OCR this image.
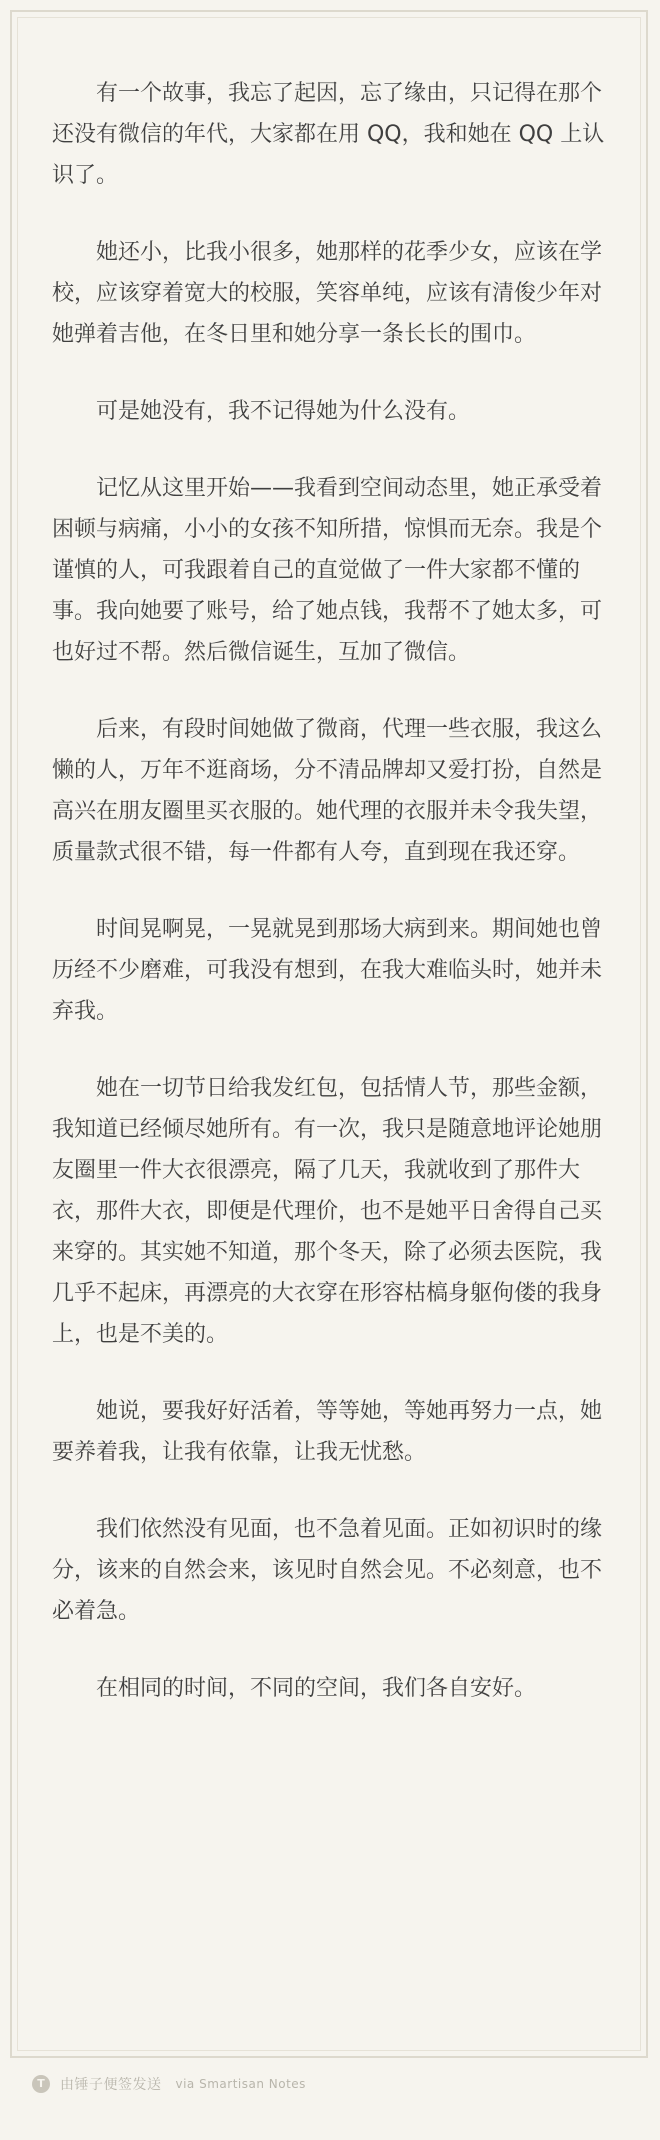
有一个故事，我忘了起因，忘了缘由，只记得在那个还没有微信的年代，大家都在用 QQ，我和她在 QQ 上认识了。

她还小，比我小很多，她那样的花季少女，应该在学校，应该穿着宽大的校服，笑容单纯，应该有清俊少年对她弹着吉他，在冬日里和她分享一条长长的围巾。

可是她没有，我不记得她为什么没有。

记忆从这里开始——我看到空间动态里，她正承受着困顿与病痛，小小的女孩不知所措，惊惧而无奈。我是个谨慎的人，可我跟着自己的直觉做了一件大家都不懂的事。我向她要了账号，给了她点钱，我帮不了她太多，可也好过不帮。然后微信诞生，互加了微信。

后来，有段时间她做了微商，代理一些衣服，我这么懒的人，万年不逛商场，分不清品牌却又爱打扮，自然是高兴在朋友圈里买衣服的。她代理的衣服并未令我失望，质量款式很不错，每一件都有人夸，直到现在我还穿。

时间晃啊晃，一晃就晃到那场大病到来。期间她也曾历经不少磨难，可我没有想到，在我大难临头时，她并未弃我。

她在一切节日给我发红包，包括情人节，那些金额，我知道已经倾尽她所有。有一次，我只是随意地评论她朋友圈里一件大衣很漂亮，隔了几天，我就收到了那件大衣，那件大衣，即便是代理价，也不是她平日舍得自己买来穿的。其实她不知道，那个冬天，除了必须去医院，我几乎不起床，再漂亮的大衣穿在形容枯槁身躯佝偻的我身上，也是不美的。

她说，要我好好活着，等等她，等她再努力一点，她要养着我，让我有依靠，让我无忧愁。

我们依然没有见面，也不急着见面。正如初识时的缘分，该来的自然会来，该见时自然会见。不必刻意，也不必着急。

在相同的时间，不同的空间，我们各自安好。

T	由锤子便签发送 via Smartisan Notes
